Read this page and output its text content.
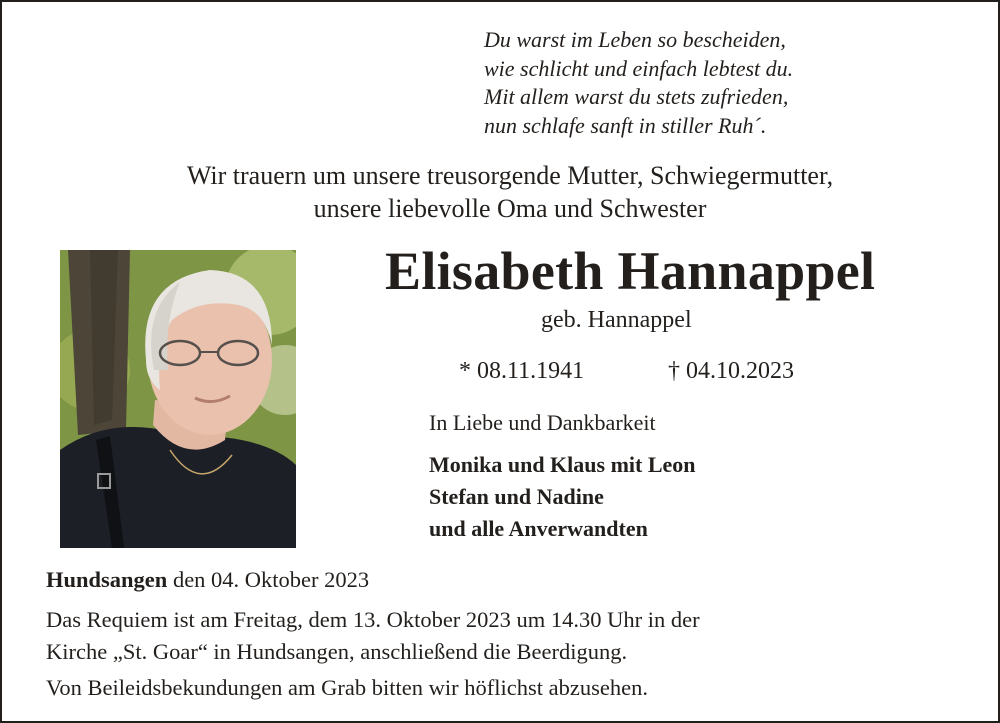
Du warst im Leben so bescheiden,
wie schlicht und einfach lebtest du.
Mit allem warst du stets zufrieden,
nun schlafe sanft in stiller Ruh´.
Wir trauern um unsere treusorgende Mutter, Schwiegermutter,
unsere liebevolle Oma und Schwester
Elisabeth Hannappel
geb. Hannappel
* 08.11.1941	† 04.10.2023
In Liebe und Dankbarkeit
Monika und Klaus mit Leon
Stefan und Nadine
und alle Anverwandten
Hundsangen den 04. Oktober 2023
Das Requiem ist am Freitag, dem 13. Oktober 2023 um 14.30 Uhr in der
Kirche „St. Goar“ in Hundsangen, anschließend die Beerdigung.
Von Beileidsbekundungen am Grab bitten wir höflichst abzusehen.
